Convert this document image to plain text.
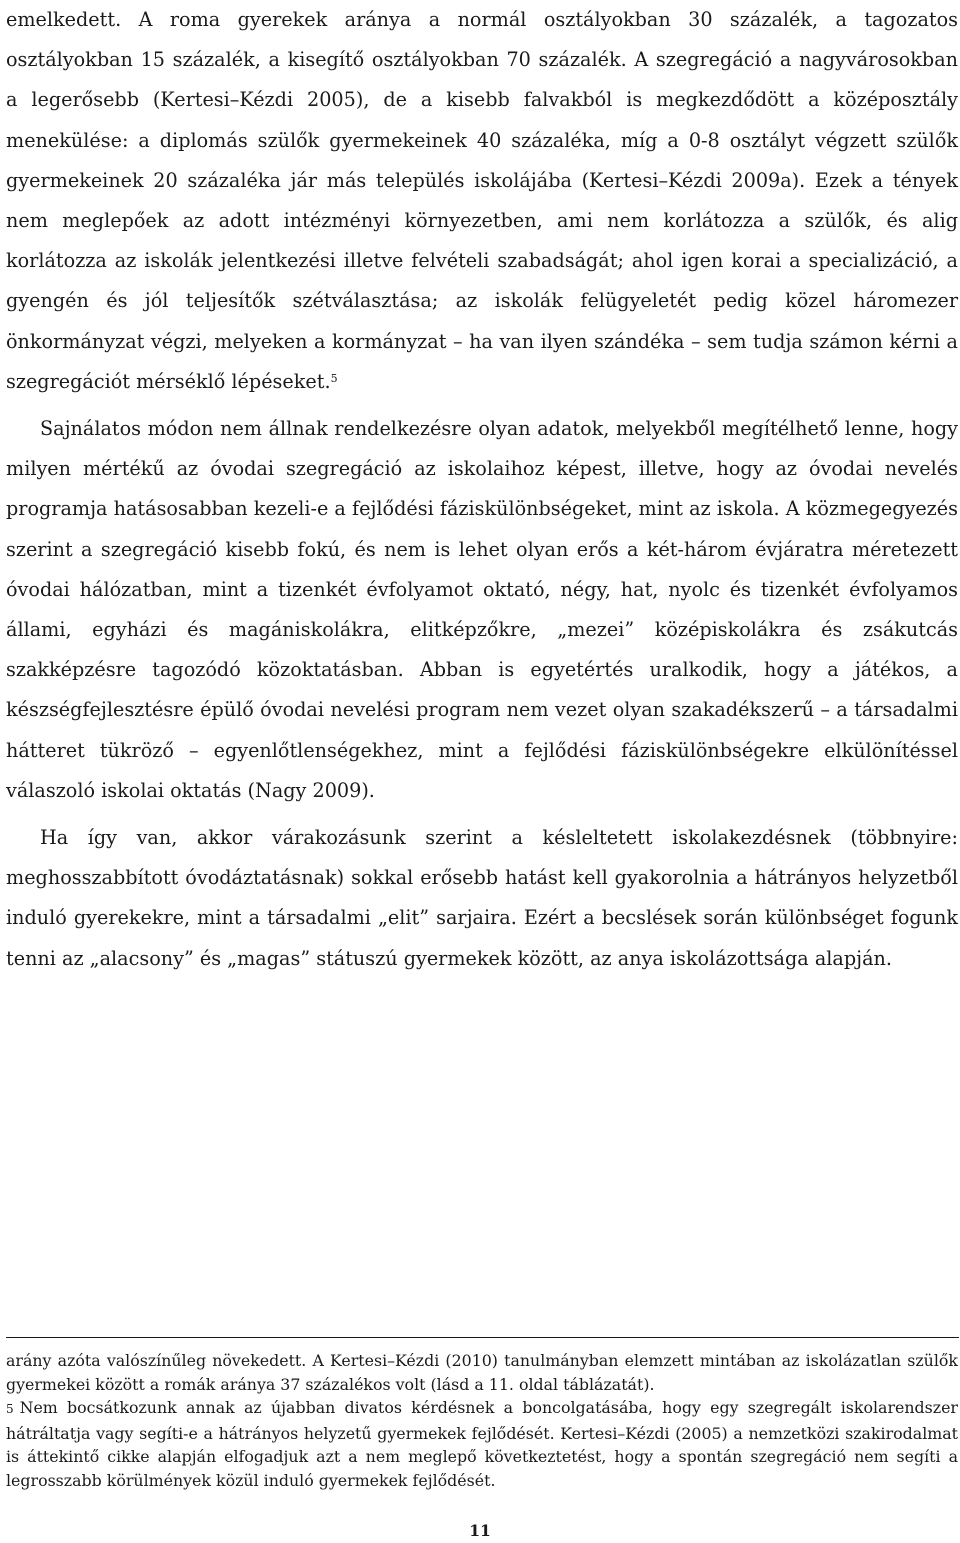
emelkedett. A roma gyerekek aránya a normál osztályokban 30 százalék, a tagozatos osztályokban 15 százalék, a kisegítő osztályokban 70 százalék. A szegregáció a nagyvárosokban a legerősebb (Kertesi–Kézdi 2005), de a kisebb falvakból is megkezdődött a középosztály menekülése: a diplomás szülők gyermekeinek 40 százaléka, míg a 0-8 osztályt végzett szülők gyermekeinek 20 százaléka jár más település iskolájába (Kertesi–Kézdi 2009a). Ezek a tények nem meglepőek az adott intézményi környezetben, ami nem korlátozza a szülők, és alig korlátozza az iskolák jelentkezési illetve felvételi szabadságát; ahol igen korai a specializáció, a gyengén és jól teljesítők szétválasztása; az iskolák felügyeletét pedig közel háromezer önkormányzat végzi, melyeken a kormányzat – ha van ilyen szándéka – sem tudja számon kérni a szegregációt mérséklő lépéseket.$^5$

Sajnálatos módon nem állnak rendelkezésre olyan adatok, melyekből megítélhető lenne, hogy milyen mértékű az óvodai szegregáció az iskolaihoz képest, illetve, hogy az óvodai nevelés programja hatásosabban kezeli-e a fejlődési fáziskülönbségeket, mint az iskola. A közmegegyezés szerint a szegregáció kisebb fokú, és nem is lehet olyan erős a két-három évjáratra méretezett óvodai hálózatban, mint a tizenkét évfolyamot oktató, négy, hat, nyolc és tizenkét évfolyamos állami, egyházi és magániskolákra, elitképzőkre, „mezei” középiskolákra és zsákutcás szakképzésre tagozódó közoktatásban. Abban is egyetértés uralkodik, hogy a játékos, a készségfejlesztésre épülő óvodai nevelési program nem vezet olyan szakadékszerű – a társadalmi hátteret tükröző – egyenlőtlenségekhez, mint a fejlődési fáziskülönbségekre elkülönítéssel válaszoló iskolai oktatás (Nagy 2009).

Ha így van, akkor várakozásunk szerint a késleltetett iskolakezdésnek (többnyire: meghosszabbított óvodáztatásnak) sokkal erősebb hatást kell gyakorolnia a hátrányos helyzetből induló gyerekekre, mint a társadalmi „elit” sarjaira. Ezért a becslések során különbséget fogunk tenni az „alacsony” és „magas” státuszú gyermekek között, az anya iskolázottsága alapján.

arány azóta valószínűleg növekedett. A Kertesi–Kézdi (2010) tanulmányban elemzett mintában az iskolázatlan szülők gyermekei között a romák aránya 37 százalékos volt (lásd a 11. oldal táblázatát).

5 Nem bocsátkozunk annak az újabban divatos kérdésnek a boncolgatásába, hogy egy szegregált iskolarendszer hátráltatja vagy segíti-e a hátrányos helyzetű gyermekek fejlődését. Kertesi–Kézdi (2005) a nemzetközi szakirodalmat is áttekintő cikke alapján elfogadjuk azt a nem meglepő következtetést, hogy a spontán szegregáció nem segíti a legrosszabb körülmények közül induló gyermekek fejlődését.

11
